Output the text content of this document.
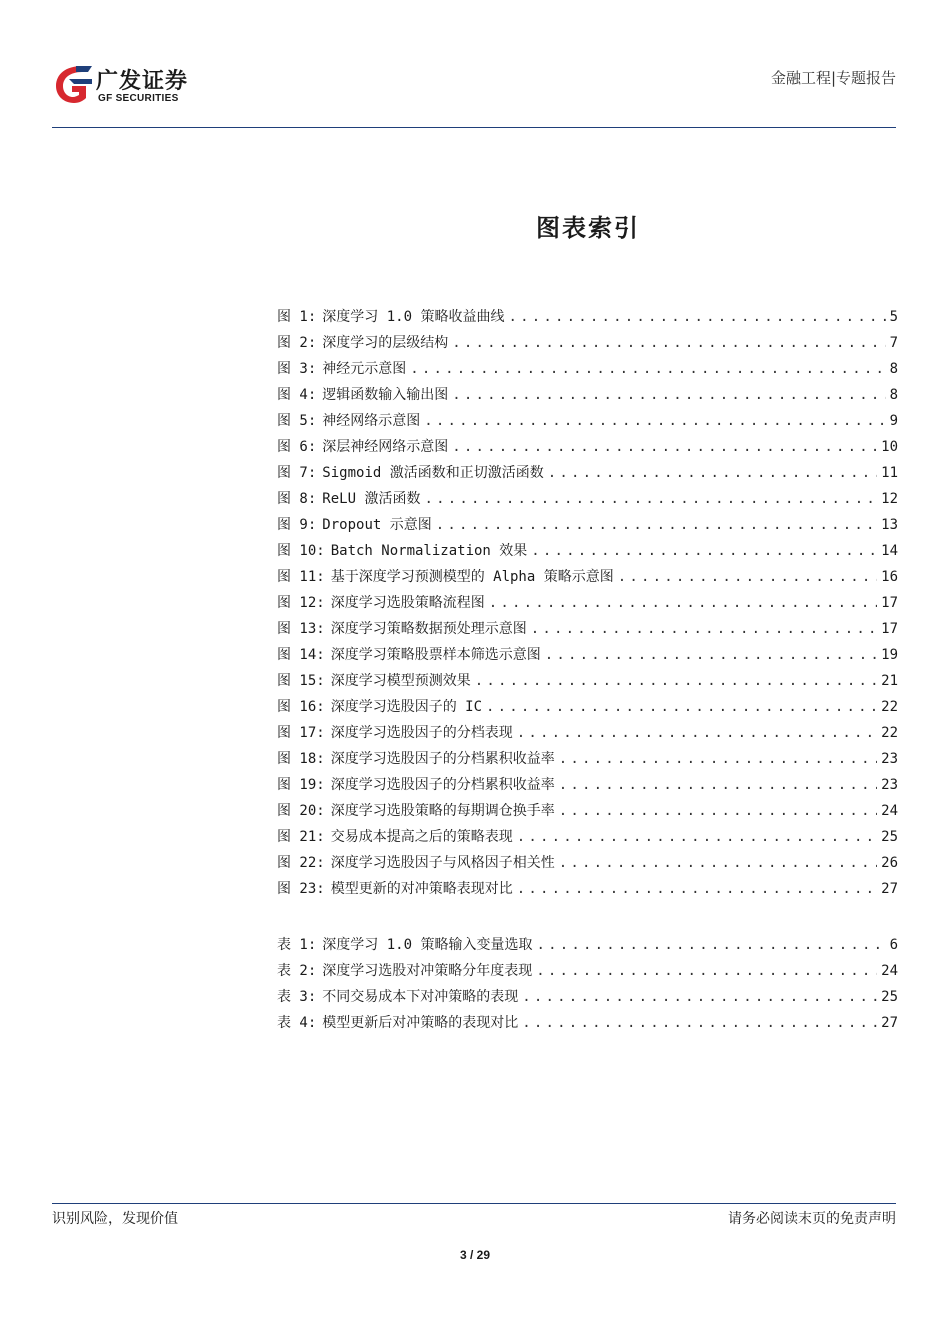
广发证券
GF SECURITIES
金融工程|专题报告
图表索引
图 1: 深度学习 1.0 策略收益曲线 .....	5
图 2: 深度学习的层级结构 .....	7
图 3: 神经元示意图 .....	8
图 4: 逻辑函数输入输出图 .....	8
图 5: 神经网络示意图 .....	9
图 6: 深层神经网络示意图 .....	10
图 7: Sigmoid 激活函数和正切激活函数 .....	11
图 8: ReLU 激活函数 .....	12
图 9: Dropout 示意图 .....	13
图 10: Batch Normalization 效果 .....	14
图 11: 基于深度学习预测模型的 Alpha 策略示意图 .....	16
图 12: 深度学习选股策略流程图 .....	17
图 13: 深度学习策略数据预处理示意图 .....	17
图 14: 深度学习策略股票样本筛选示意图 .....	19
图 15: 深度学习模型预测效果 .....	21
图 16: 深度学习选股因子的 IC .....	22
图 17: 深度学习选股因子的分档表现 .....	22
图 18: 深度学习选股因子的分档累积收益率 .....	23
图 19: 深度学习选股因子的分档累积收益率 .....	23
图 20: 深度学习选股策略的每期调仓换手率 .....	24
图 21: 交易成本提高之后的策略表现 .....	25
图 22: 深度学习选股因子与风格因子相关性 .....	26
图 23: 模型更新的对冲策略表现对比 .....	27
表 1: 深度学习 1.0 策略输入变量选取 .....	6
表 2: 深度学习选股对冲策略分年度表现 .....	24
表 3: 不同交易成本下对冲策略的表现 .....	25
表 4: 模型更新后对冲策略的表现对比 .....	27
识别风险，发现价值	请务必阅读末页的免责声明
3 / 29
